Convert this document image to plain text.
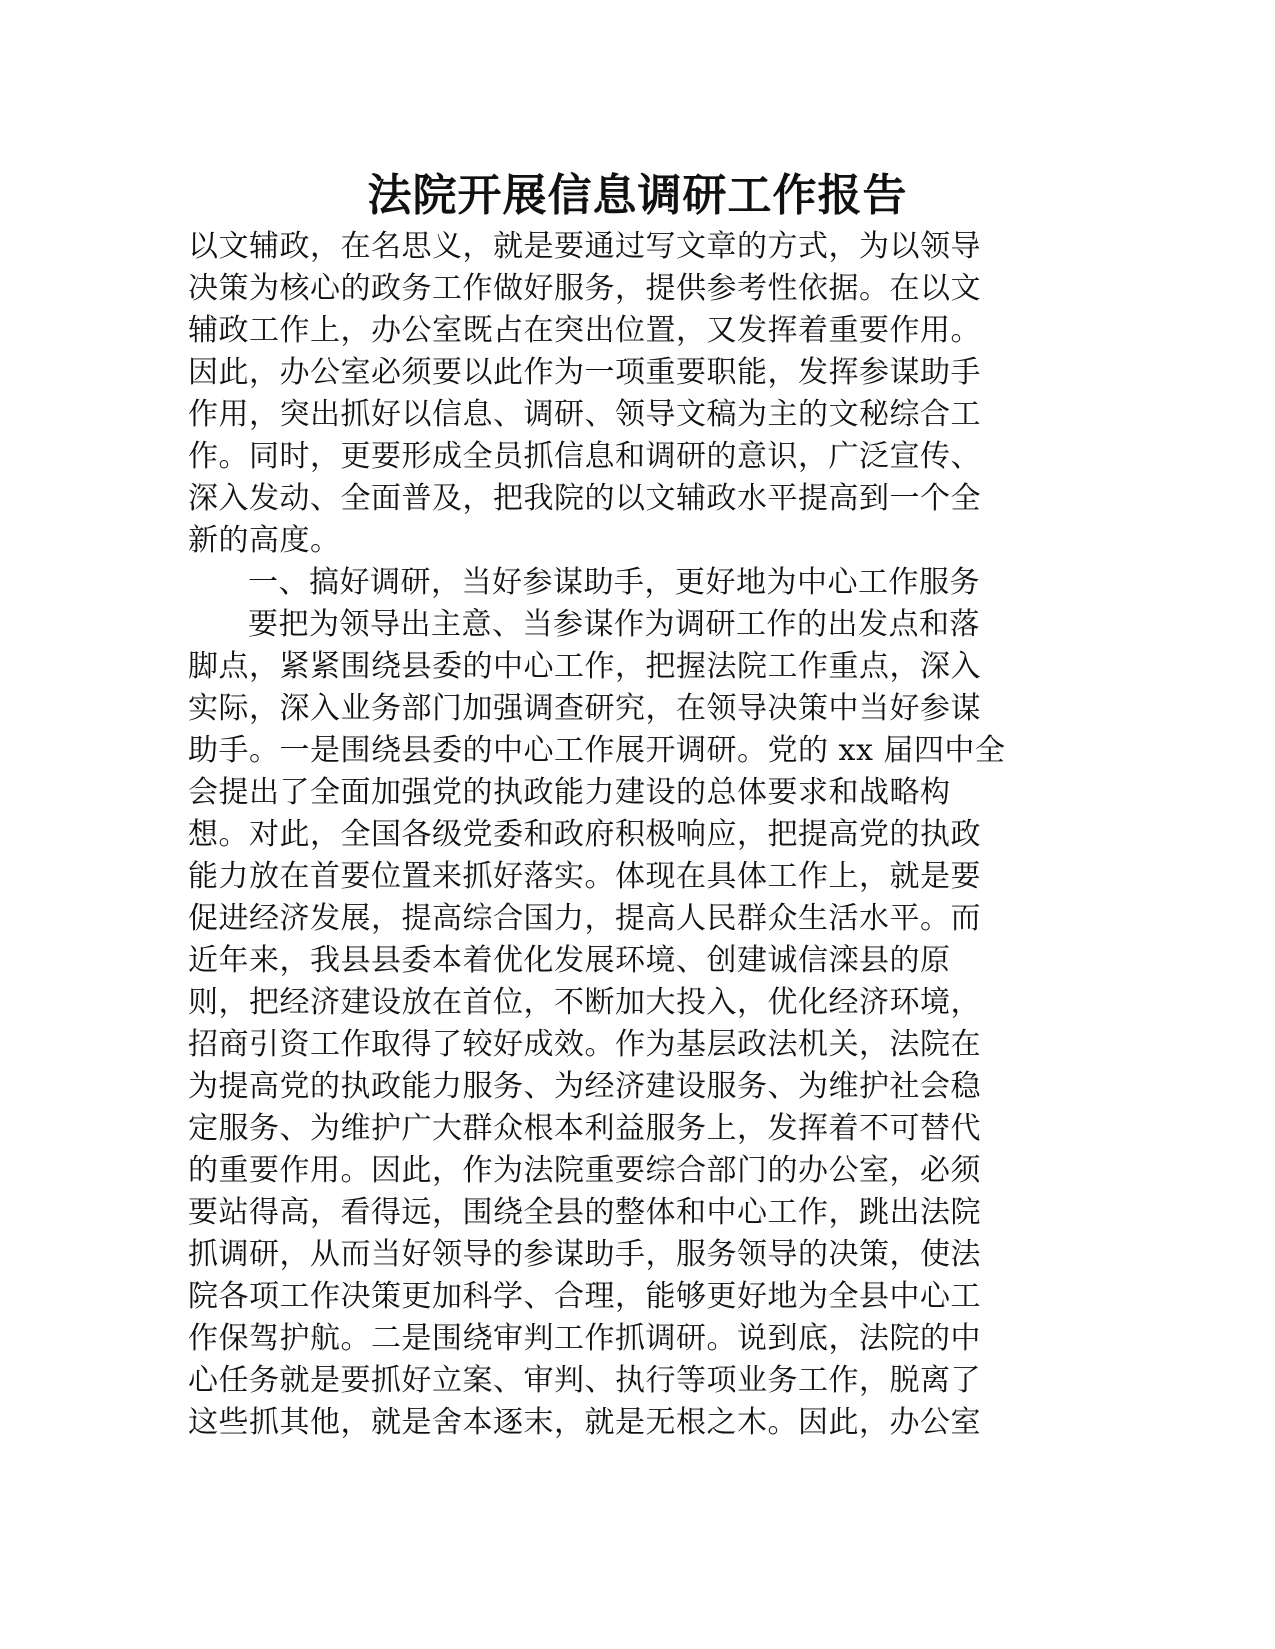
法院开展信息调研工作报告
以文辅政，在名思义，就是要通过写文章的方式，为以领导
决策为核心的政务工作做好服务，提供参考性依据。在以文
辅政工作上，办公室既占在突出位置，又发挥着重要作用。
因此，办公室必须要以此作为一项重要职能，发挥参谋助手
作用，突出抓好以信息、调研、领导文稿为主的文秘综合工
作。同时，更要形成全员抓信息和调研的意识，广泛宣传、
深入发动、全面普及，把我院的以文辅政水平提高到一个全
新的高度。
一、搞好调研，当好参谋助手，更好地为中心工作服务
要把为领导出主意、当参谋作为调研工作的出发点和落
脚点，紧紧围绕县委的中心工作，把握法院工作重点，深入
实际，深入业务部门加强调查研究，在领导决策中当好参谋
助手。一是围绕县委的中心工作展开调研。党的 xx 届四中全
会提出了全面加强党的执政能力建设的总体要求和战略构
想。对此，全国各级党委和政府积极响应，把提高党的执政
能力放在首要位置来抓好落实。体现在具体工作上，就是要
促进经济发展，提高综合国力，提高人民群众生活水平。而
近年来，我县县委本着优化发展环境、创建诚信滦县的原
则，把经济建设放在首位，不断加大投入，优化经济环境，
招商引资工作取得了较好成效。作为基层政法机关，法院在
为提高党的执政能力服务、为经济建设服务、为维护社会稳
定服务、为维护广大群众根本利益服务上，发挥着不可替代
的重要作用。因此，作为法院重要综合部门的办公室，必须
要站得高，看得远，围绕全县的整体和中心工作，跳出法院
抓调研，从而当好领导的参谋助手，服务领导的决策，使法
院各项工作决策更加科学、合理，能够更好地为全县中心工
作保驾护航。二是围绕审判工作抓调研。说到底，法院的中
心任务就是要抓好立案、审判、执行等项业务工作，脱离了
这些抓其他，就是舍本逐末，就是无根之木。因此，办公室
